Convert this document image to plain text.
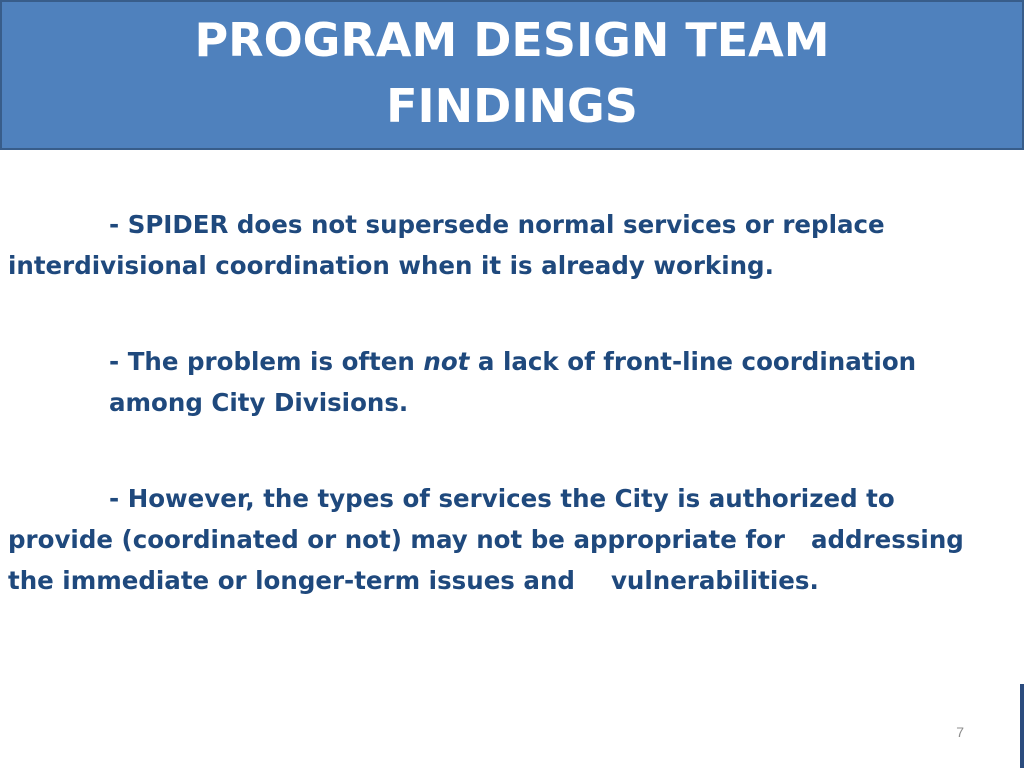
PROGRAM DESIGN TEAM
FINDINGS
- SPIDER does not supersede normal services or replace
interdivisional coordination when it is already working.
- The problem is often not a lack of front-line coordination
among City Divisions.
- However, the types of services the City is authorized to
provide (coordinated or not) may not be appropriate for addressing
the immediate or longer-term issues and vulnerabilities.
7
